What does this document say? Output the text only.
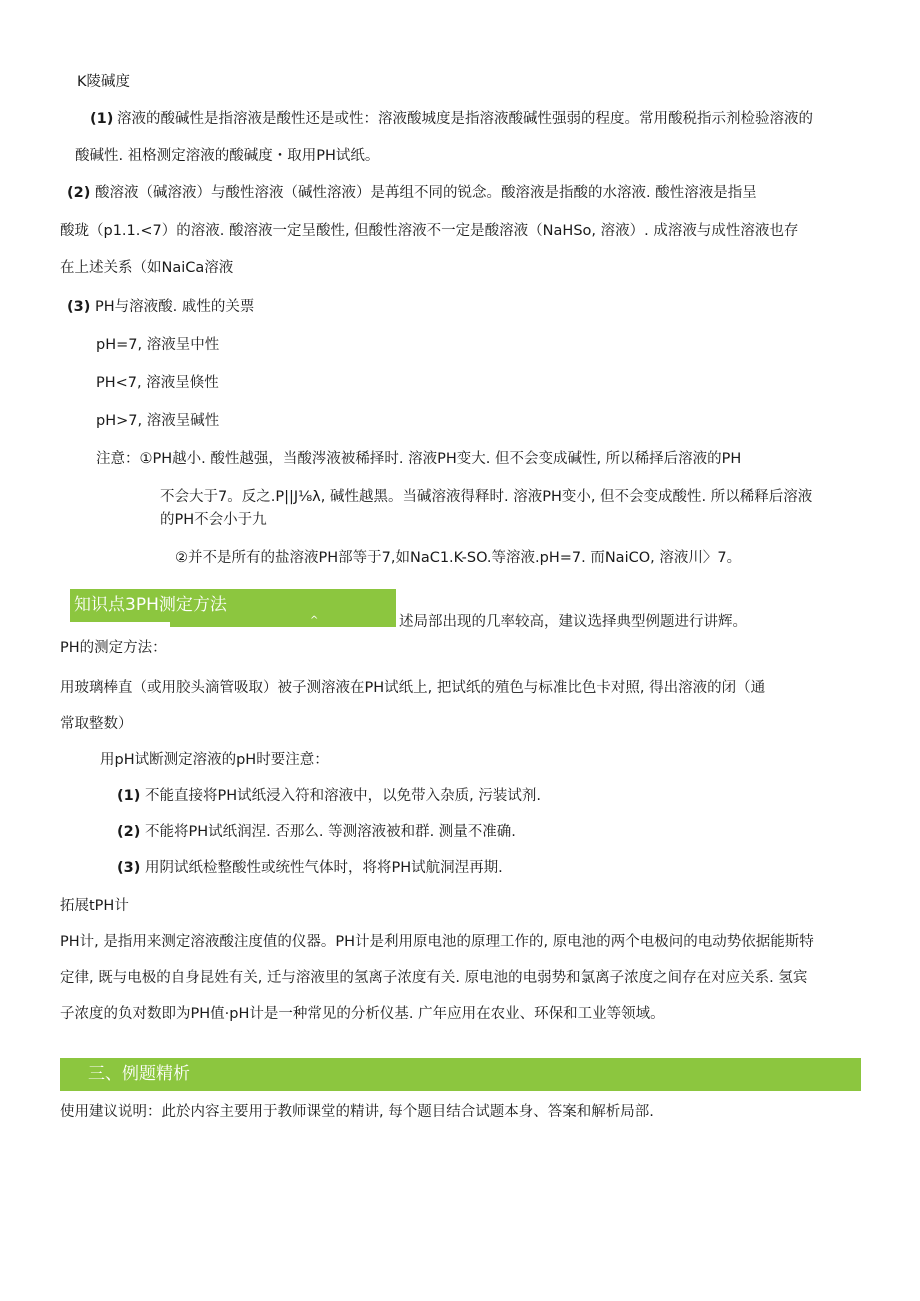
K陵碱度
(1) 溶液的酸碱性是指溶液是酸性还是或性：溶液酸城度是指溶液酸碱性强弱的程度。常用酸税指示剂检验溶液的
酸碱性. 祖格测定溶液的酸碱度・取用PH试纸。
(2) 酸溶液（碱溶液）与酸性溶液（碱性溶液）是苒组不同的锐念。酸溶液是指酸的水溶液. 酸性溶液是指呈
酸珑（p1.1.<7）的溶液. 酸溶液一定呈酸性, 但酸性溶液不一定是酸溶液（NaHSo, 溶液）. 成溶液与成性溶液也存
在上述关系（如NaiCa溶液
(3) PH与溶液酸. 戚性的关票
pH=7, 溶液呈中性
PH<7, 溶液呈倏性
pH>7, 溶液呈碱性
注意：①PH越小. 酸性越强，当酸涔液被稀择时. 溶液PH变大. 但不会变成碱性, 所以稀择后溶液的PH
不会大于7。反之.P||J⅛λ, 碱性越黑。当碱溶液得释时. 溶液PH变小, 但不会变成酸性. 所以稀释后溶液
的PH不会小于九
②并不是所有的盐溶液PH部等于7,如NaC1.K-SO.等溶液.pH=7. 而NaiCO, 溶液川〉7。
知识点3PH测定方法
^	述局部出现的几率较高，建议选择典型例题进行讲辉。
PH的测定方法：
用玻璃棒直（或用胶头滴管吸取）被子测溶液在PH试纸上, 把试纸的殖色与标准比色卡对照, 得出溶液的闭（通
常取整数）
用pH试断测定溶液的pH时要注意：
(1) 不能直接将PH试纸浸入符和溶液中，以免带入杂质, 污装试剂.
(2) 不能将PH试纸润涅. 否那么. 等测溶液被和群. 测量不准确.
(3) 用阴试纸检整酸性或统性气体时，将将PH试航洞涅再期.
拓展tPH计
PH计, 是指用来测定溶液酸注度值的仪器。PH计是利用原电池的原理工作的, 原电池的两个电极问的电动势依据能斯特
定律, 既与电极的自身昆姓有关, 迁与溶液里的氢离子浓度有关. 原电池的电弱势和氯离子浓度之间存在对应关系. 氢宾
子浓度的负对数即为PH值·pH计是一种常见的分析仪基. 广年应用在农业、环保和工业等领域。
三、例题精析
使用建议说明：此於内容主要用于教师课堂的精讲, 每个题目结合试题本身、答案和解析局部.
